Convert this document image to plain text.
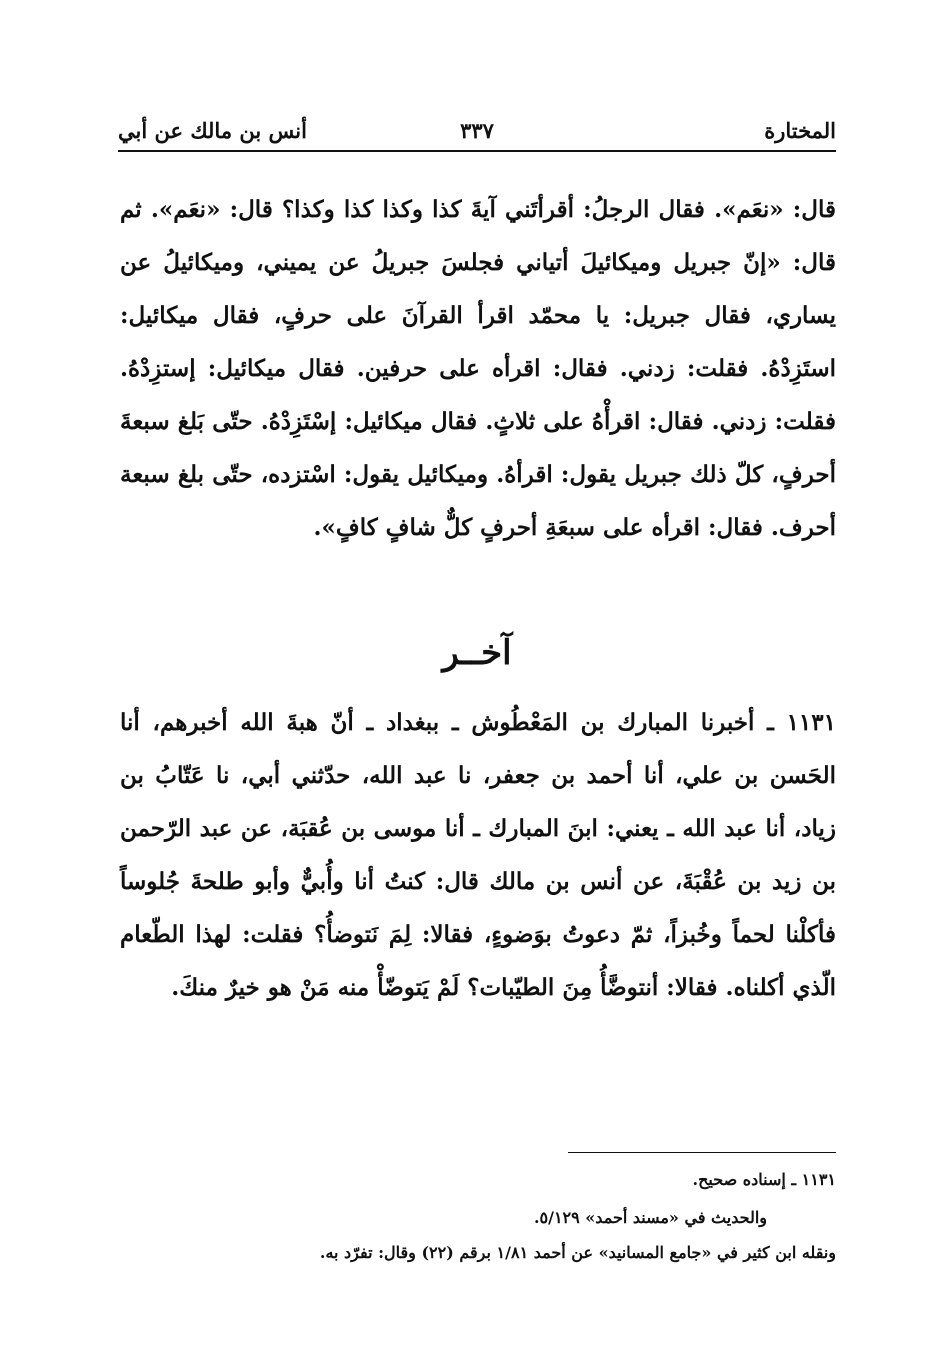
المختارة
٣٣٧
أنس بن مالك عن أبي

قال: «نعَم». فقال الرجلُ: أقرأتَني آيةَ كذا وكذا كذا وكذا؟ قال: «نعَم». ثم قال: «إنّ جبريل وميكائيلَ أتياني فجلسَ جبريلُ عن يميني، وميكائيلُ عن يساري، فقال جبريل: يا محمّد اقرأ القرآنَ على حرفٍ، فقال ميكائيل: استَزِدْهُ. فقلت: زدني. فقال: اقرأه على حرفين. فقال ميكائيل: إستزِدْهُ. فقلت: زدني. فقال: اقرأْهُ على ثلاثٍ. فقال ميكائيل: إسْتَزِدْهُ. حتّى بَلغ سبعةَ أحرفٍ، كلّ ذلك جبريل يقول: اقرأهُ. وميكائيل يقول: اسْتزده، حتّى بلغ سبعة أحرف. فقال: اقرأه على سبعَةِ أحرفٍ كلٌّ شافٍ كافٍ».

آخــر

١١٣١ ـ أخبرنا المبارك بن المَعْطُوش ـ ببغداد ـ أنّ هبةَ الله أخبرهم، أنا الحَسن بن علي، أنا أحمد بن جعفر، نا عبد الله، حدّثني أبي، نا عَتّابُ بن زياد، أنا عبد الله ـ يعني: ابنَ المبارك ـ أنا موسى بن عُقبَة، عن عبد الرّحمن بن زيد بن عُقْبَةَ، عن أنس بن مالك قال: كنتُ أنا وأُبيٌّ وأبو طلحةَ جُلوساً فأكلْنا لحماً وخُبزاً، ثمّ دعوتُ بوَضوءٍ، فقالا: لِمَ نَتوضأُ؟ فقلت: لهذا الطّعام الّذي أكلناه. فقالا: أنتوضَّأُ مِنَ الطيّبات؟ لَمْ يَتوضّأْ منه مَنْ هو خيرٌ منكَ.

١١٣١ ـ إسناده صحيح.

والحديث في «مسند أحمد» ٥/١٢٩.

ونقله ابن كثير في «جامع المسانيد» عن أحمد ١/٨١ برقم (٢٢) وقال: تفرّد به.
